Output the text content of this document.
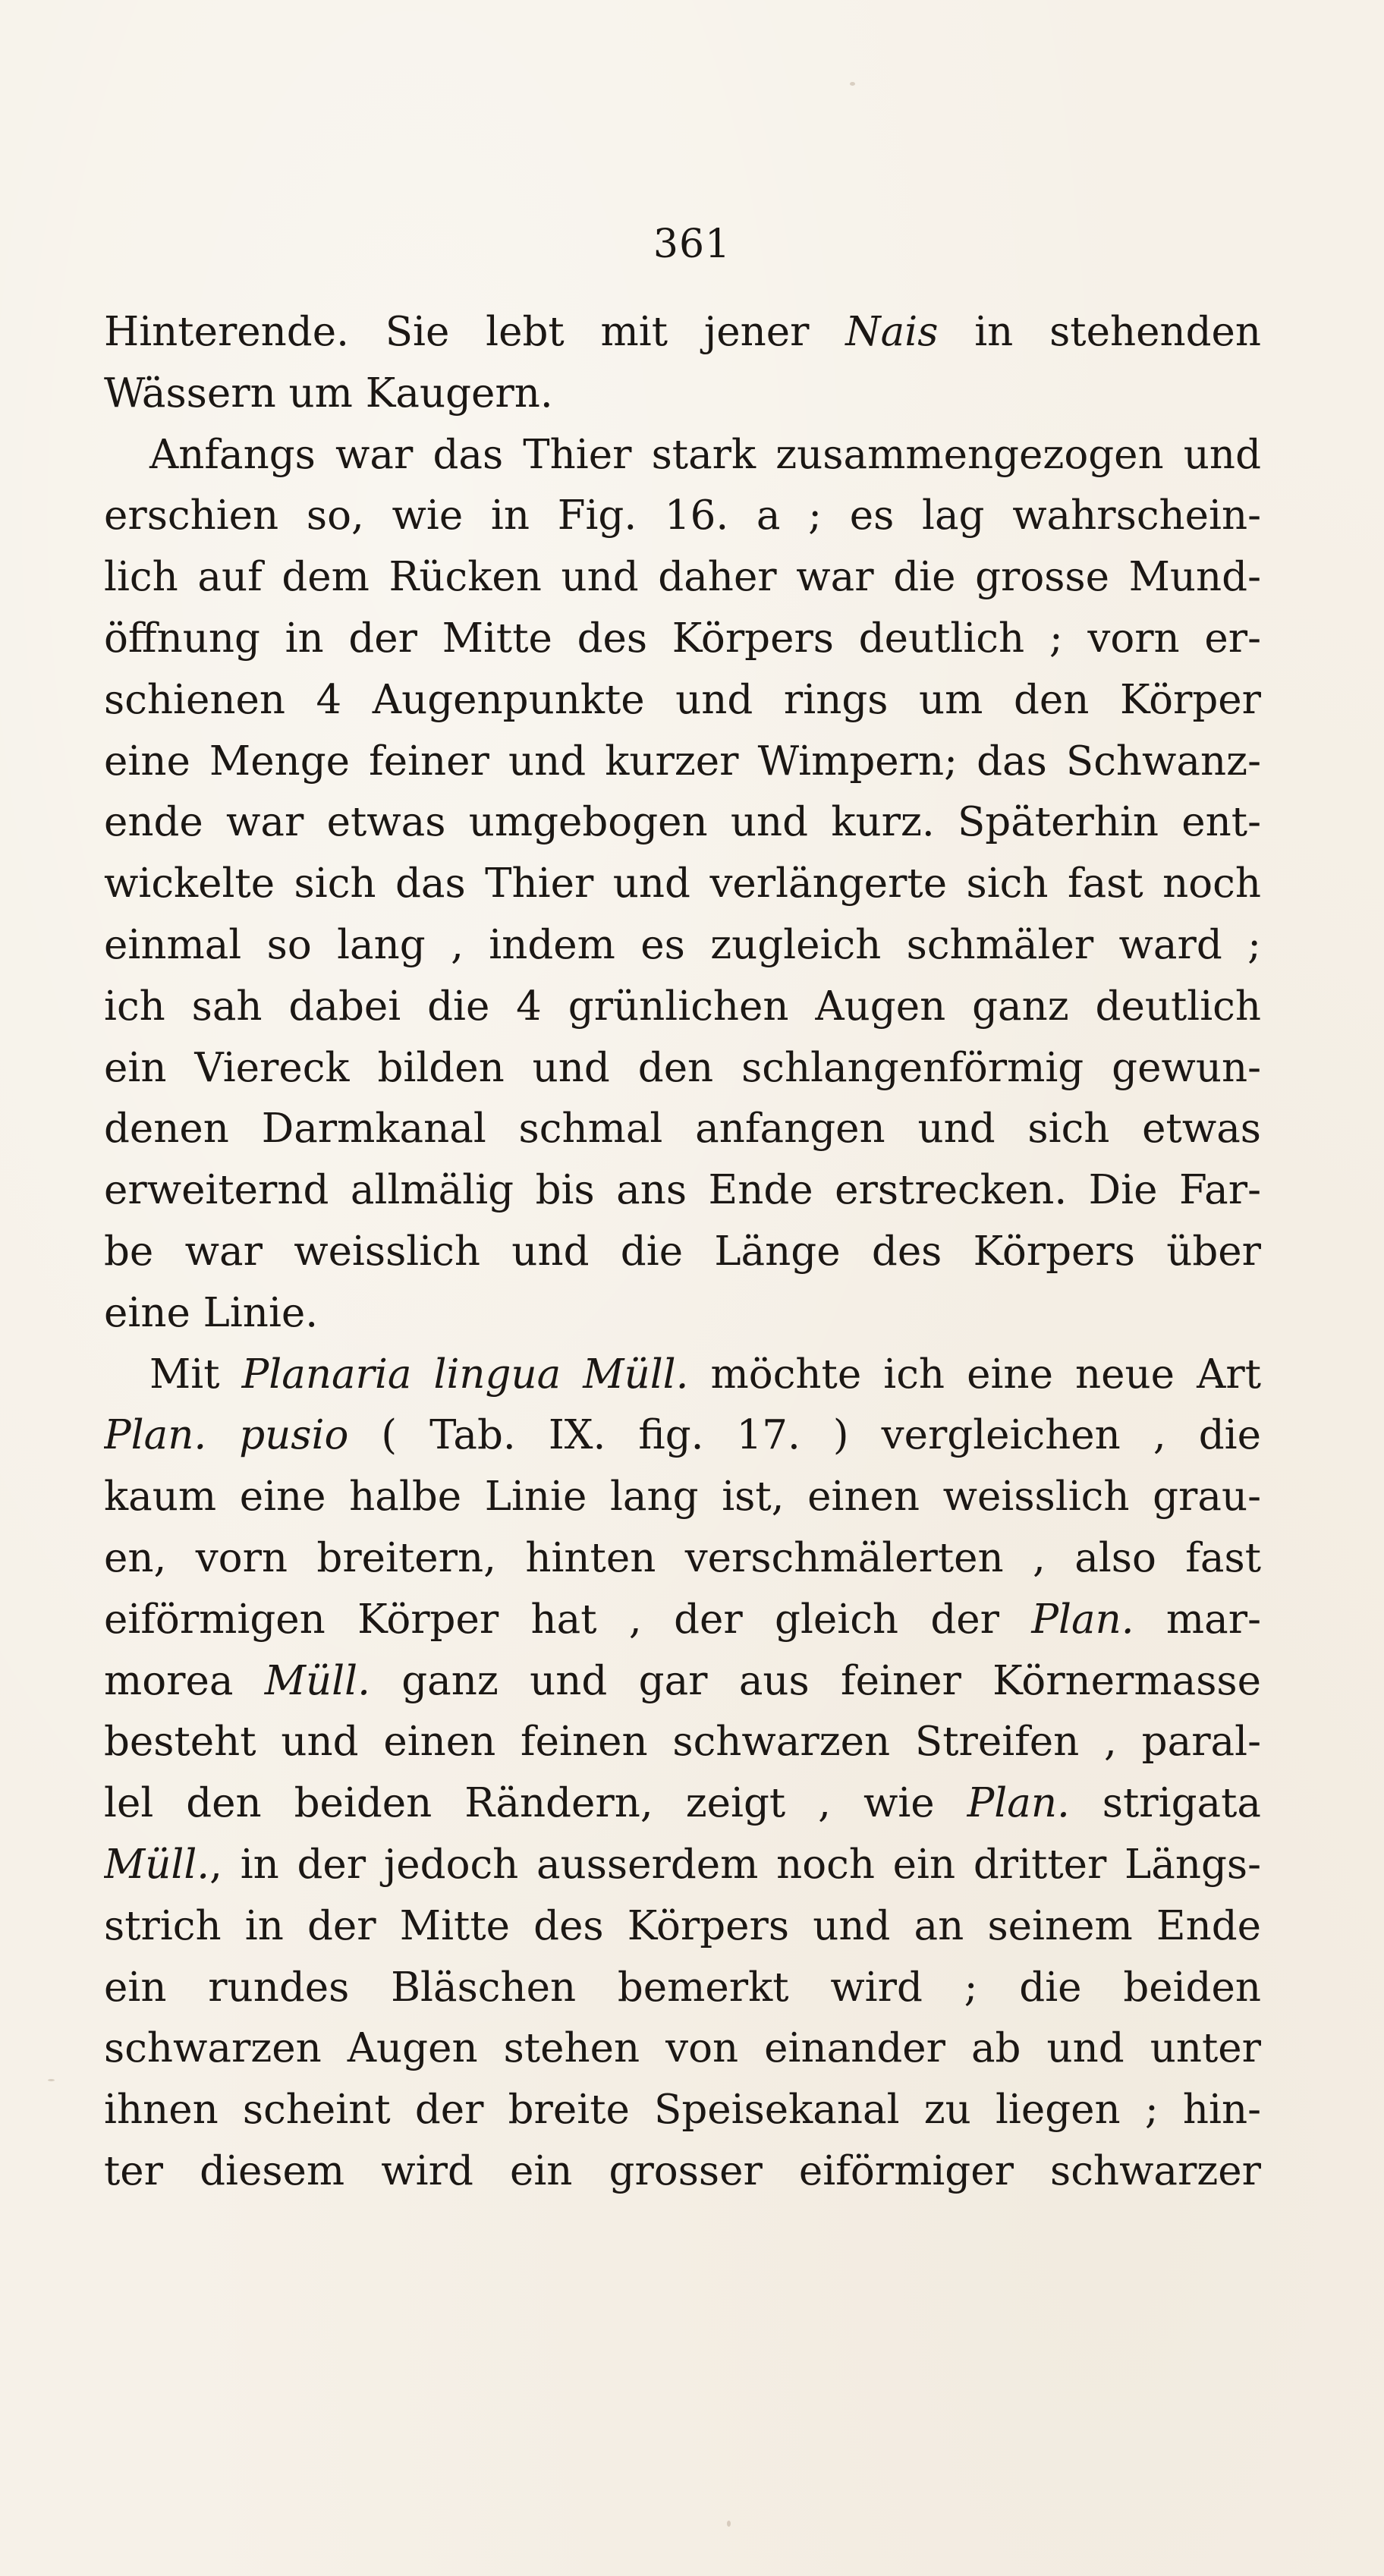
361
Hinterende. Sie lebt mit jener Nais in stehenden
Wässern um Kaugern.
Anfangs war das Thier stark zusammengezogen und
erschien so, wie in Fig. 16. a ; es lag wahrschein-
lich auf dem Rücken und daher war die grosse Mund-
öffnung in der Mitte des Körpers deutlich ; vorn er-
schienen 4 Augenpunkte und rings um den Körper
eine Menge feiner und kurzer Wimpern; das Schwanz-
ende war etwas umgebogen und kurz. Späterhin ent-
wickelte sich das Thier und verlängerte sich fast noch
einmal so lang , indem es zugleich schmäler ward ;
ich sah dabei die 4 grünlichen Augen ganz deutlich
ein Viereck bilden und den schlangenförmig gewun-
denen Darmkanal schmal anfangen und sich etwas
erweiternd allmälig bis ans Ende erstrecken. Die Far-
be war weisslich und die Länge des Körpers über
eine Linie.
Mit Planaria lingua Müll. möchte ich eine neue Art
Plan. pusio ( Tab. IX. fig. 17. ) vergleichen , die
kaum eine halbe Linie lang ist, einen weisslich grau-
en, vorn breitern, hinten verschmälerten , also fast
eiförmigen Körper hat , der gleich der Plan. mar-
morea Müll. ganz und gar aus feiner Körnermasse
besteht und einen feinen schwarzen Streifen , paral-
lel den beiden Rändern, zeigt , wie Plan. strigata
Müll., in der jedoch ausserdem noch ein dritter Längs-
strich in der Mitte des Körpers und an seinem Ende
ein rundes Bläschen bemerkt wird ; die beiden
schwarzen Augen stehen von einander ab und unter
ihnen scheint der breite Speisekanal zu liegen ; hin-
ter diesem wird ein grosser eiförmiger schwarzer
